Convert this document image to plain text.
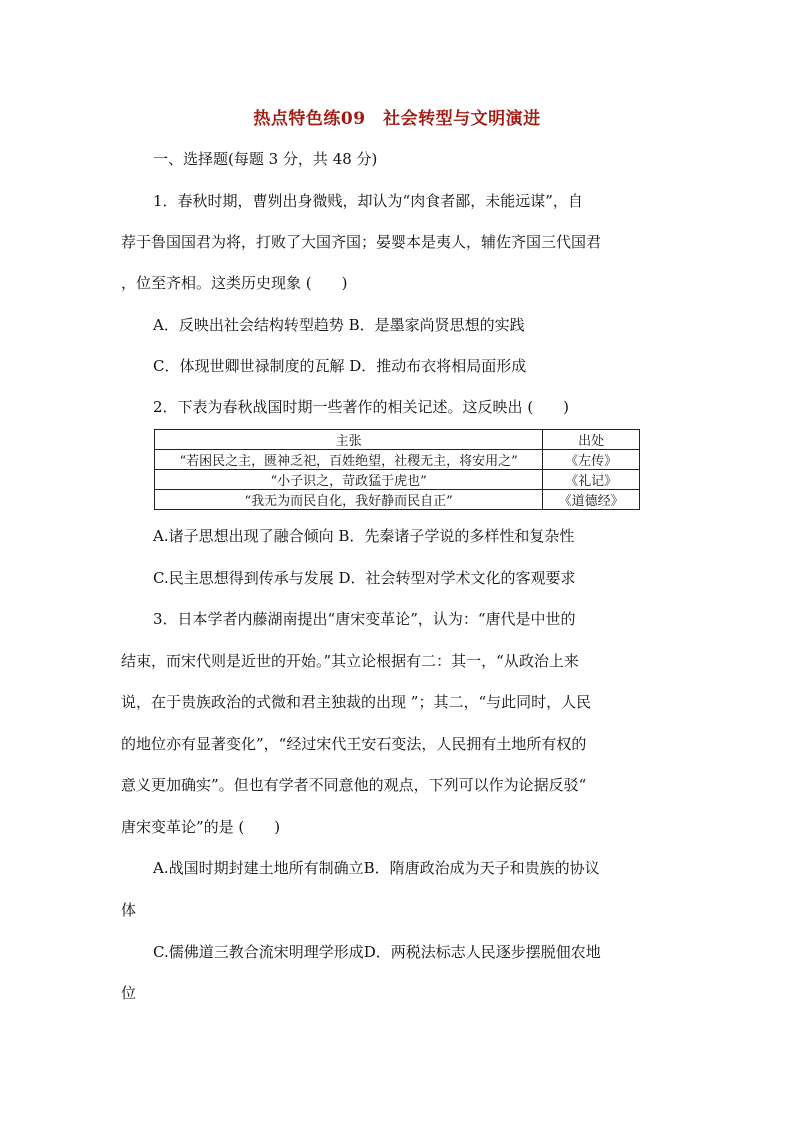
热点特色练09　社会转型与文明演进
一、选择题(每题 3 分，共 48 分)
1．春秋时期，曹刿出身微贱，却认为“肉食者鄙，未能远谋”，自
荐于鲁国国君为将，打败了大国齐国；晏婴本是夷人，辅佐齐国三代国君
，位至齐相。这类历史现象 (　　)
A．反映出社会结构转型趋势 B．是墨家尚贤思想的实践
C．体现世卿世禄制度的瓦解 D．推动布衣将相局面形成
2．下表为春秋战国时期一些著作的相关记述。这反映出 (　　)
主张	出处
“若困民之主，匮神乏祀，百姓绝望，社稷无主，将安用之”	《左传》
“小子识之，苛政猛于虎也”	《礼记》
“我无为而民自化，我好静而民自正”	《道德经》
A.诸子思想出现了融合倾向 B．先秦诸子学说的多样性和复杂性
C.民主思想得到传承与发展 D．社会转型对学术文化的客观要求
3．日本学者内藤湖南提出“唐宋变革论”，认为：“唐代是中世的
结束，而宋代则是近世的开始。”其立论根据有二：其一，“从政治上来
说，在于贵族政治的式微和君主独裁的出现 ”；其二，“与此同时，人民
的地位亦有显著变化”，“经过宋代王安石变法，人民拥有土地所有权的
意义更加确实”。但也有学者不同意他的观点，下列可以作为论据反驳“
唐宋变革论”的是 (　　)
A.战国时期封建土地所有制确立B．隋唐政治成为天子和贵族的协议
体
C.儒佛道三教合流宋明理学形成D．两税法标志人民逐步摆脱佃农地
位
